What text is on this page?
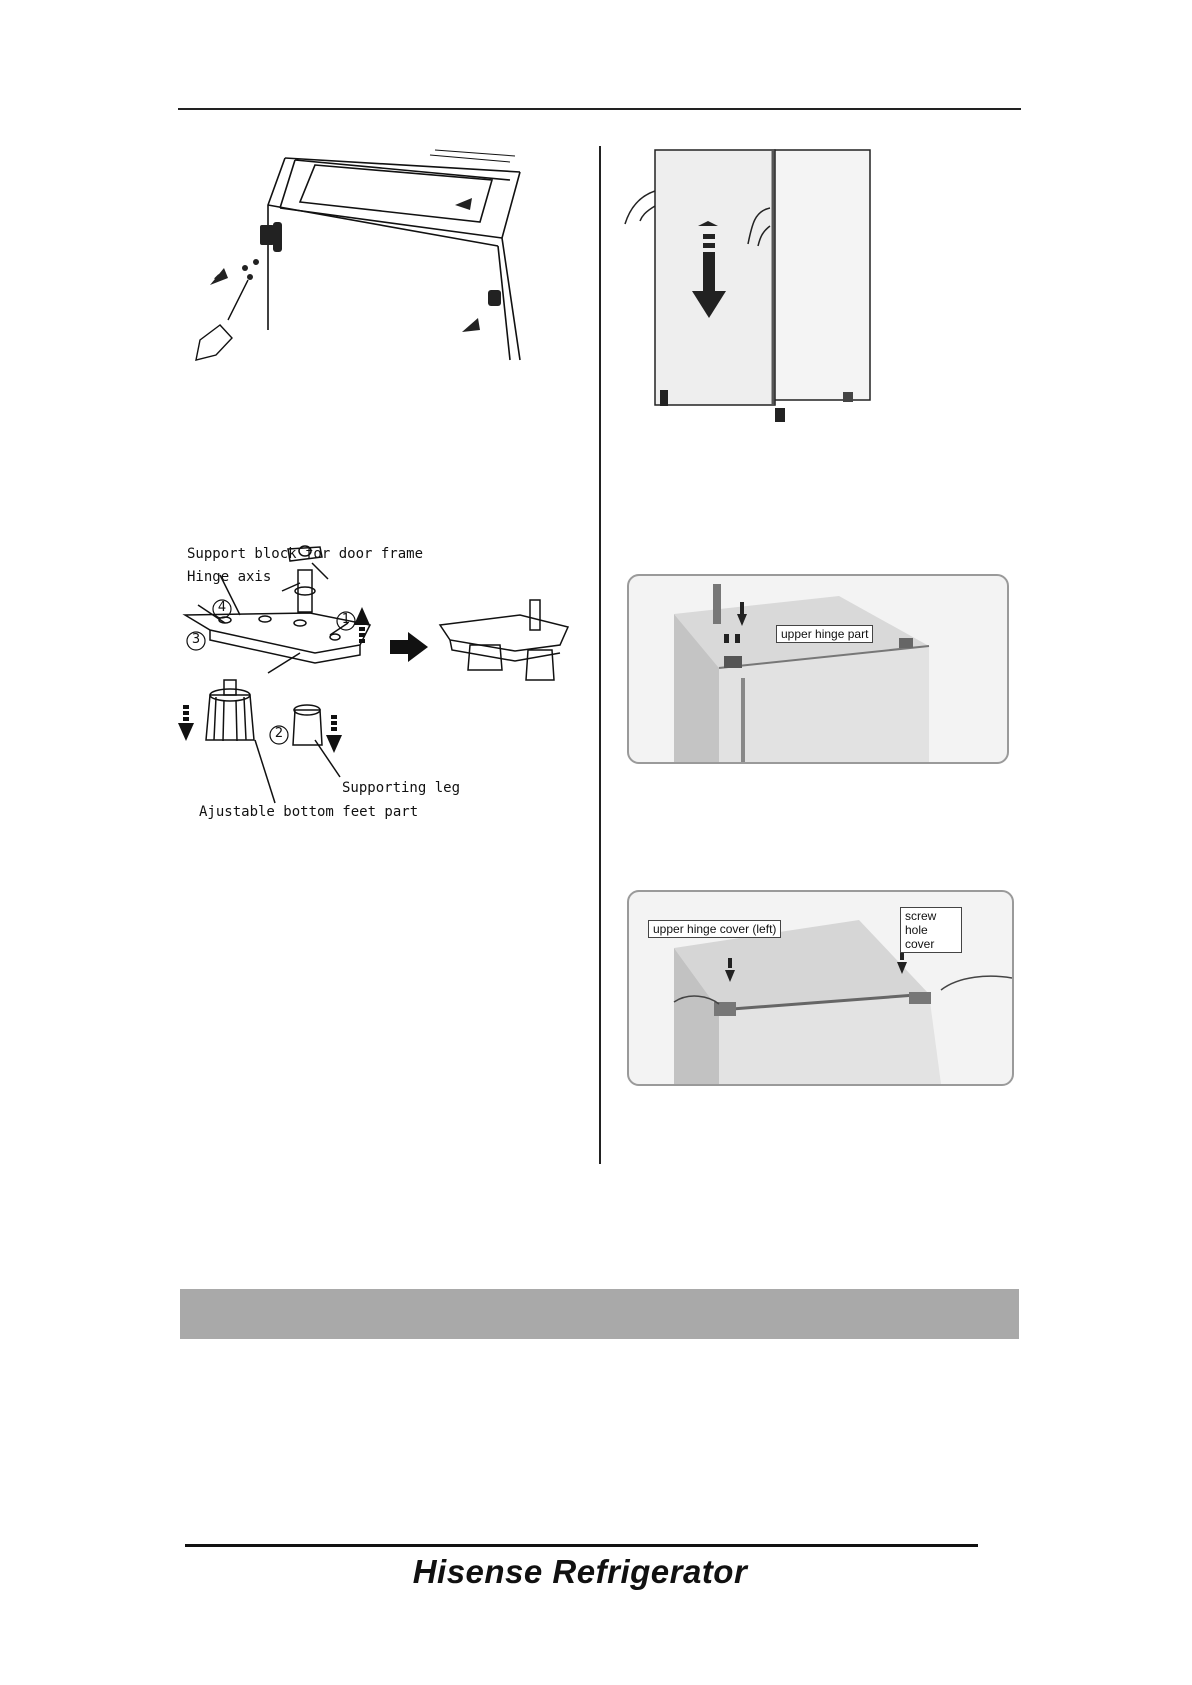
Support block for door frame
Hinge axis
1
2
3
4
Supporting leg
Ajustable bottom feet part
upper hinge part
upper hinge cover (left)
screw hole cover
Hisense Refrigerator
